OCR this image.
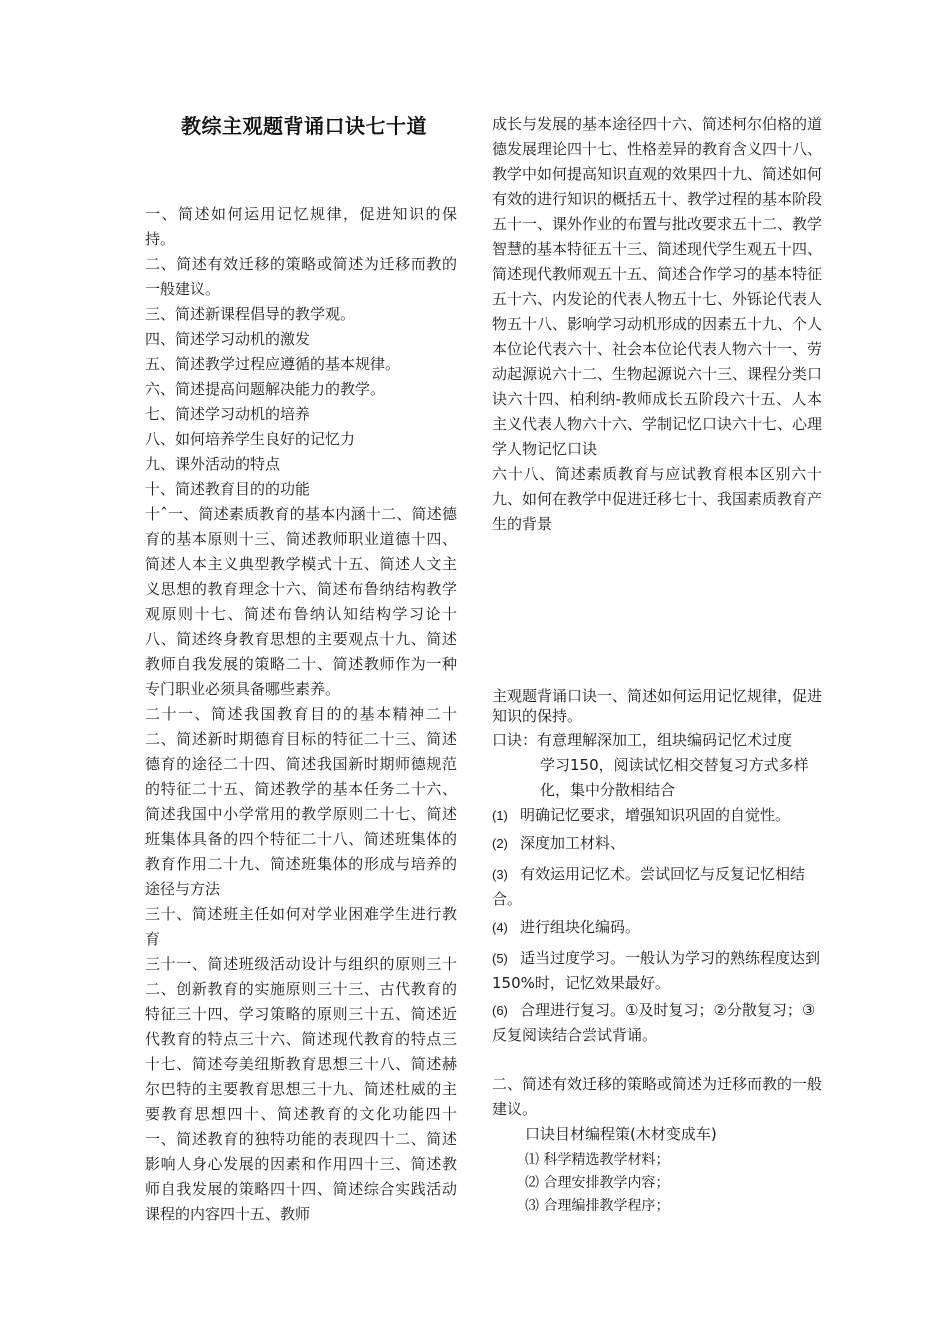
教综主观题背诵口诀七十道

一、简述如何运用记忆规律，促进知识的保持。

二、简述有效迁移的策略或简述为迁移而教的一般建议。

三、简述新课程倡导的教学观。

四、简述学习动机的激发

五、简述教学过程应遵循的基本规律。

六、简述提高问题解决能力的教学。

七、简述学习动机的培养

八、如何培养学生良好的记忆力

九、课外活动的特点

十、简述教育目的的功能

十ˆ一、简述素质教育的基本内涵十二、简述德育的基本原则十三、简述教师职业道德十四、简述人本主义典型教学模式十五、简述人文主义思想的教育理念十六、简述布鲁纳结构教学观原则十七、简述布鲁纳认知结构学习论十八、简述终身教育思想的主要观点十九、简述教师自我发展的策略二十、简述教师作为一种专门职业必须具备哪些素养。

二十一、简述我国教育目的的基本精神二十二、简述新时期德育目标的特征二十三、简述德育的途径二十四、简述我国新时期师德规范的特征二十五、简述教学的基本任务二十六、简述我国中小学常用的教学原则二十七、简述班集体具备的四个特征二十八、简述班集体的教育作用二十九、简述班集体的形成与培养的途径与方法

三十、简述班主任如何对学业困难学生进行教育

三十一、简述班级活动设计与组织的原则三十二、创新教育的实施原则三十三、古代教育的特征三十四、学习策略的原则三十五、简述近代教育的特点三十六、简述现代教育的特点三十七、简述夸美纽斯教育思想三十八、简述赫尔巴特的主要教育思想三十九、简述杜威的主要教育思想四十、简述教育的文化功能四十一、简述教育的独特功能的表现四十二、简述影响人身心发展的因素和作用四十三、简述教师自我发展的策略四十四、简述综合实践活动课程的内容四十五、教师

成长与发展的基本途径四十六、简述柯尔伯格的道德发展理论四十七、性格差异的教育含义四十八、教学中如何提高知识直观的效果四十九、简述如何有效的进行知识的概括五十、教学过程的基本阶段五十一、课外作业的布置与批改要求五十二、教学智慧的基本特征五十三、简述现代学生观五十四、简述现代教师观五十五、简述合作学习的基本特征五十六、内发论的代表人物五十七、外铄论代表人物五十八、影响学习动机形成的因素五十九、个人本位论代表六十、社会本位论代表人物六十一、劳动起源说六十二、生物起源说六十三、课程分类口诀六十四、柏利纳-教师成长五阶段六十五、人本主义代表人物六十六、学制记忆口诀六十七、心理学人物记忆口诀

六十八、简述素质教育与应试教育根本区别六十九、如何在教学中促进迁移七十、我国素质教育产生的背景

主观题背诵口诀一、简述如何运用记忆规律，促进知识的保持。
口诀：有意理解深加工，组块编码记忆术过度
学习150，阅读试忆相交替复习方式多样化，集中分散相结合
(1) 明确记忆要求，增强知识巩固的自觉性。
(2) 深度加工材料、
(3) 有效运用记忆术。尝试回忆与反复记忆相结合。
(4) 进行组块化编码。
(5) 适当过度学习。一般认为学习的熟练程度达到150%时，记忆效果最好。
(6) 合理进行复习。①及时复习；②分散复习；③反复阅读结合尝试背诵。
二、简述有效迁移的策略或简述为迁移而教的一般建议。
口诀目材编程策(木材变成车)
⑴ 科学精选教学材料；
⑵ 合理安排教学内容；
⑶ 合理编排教学程序；
